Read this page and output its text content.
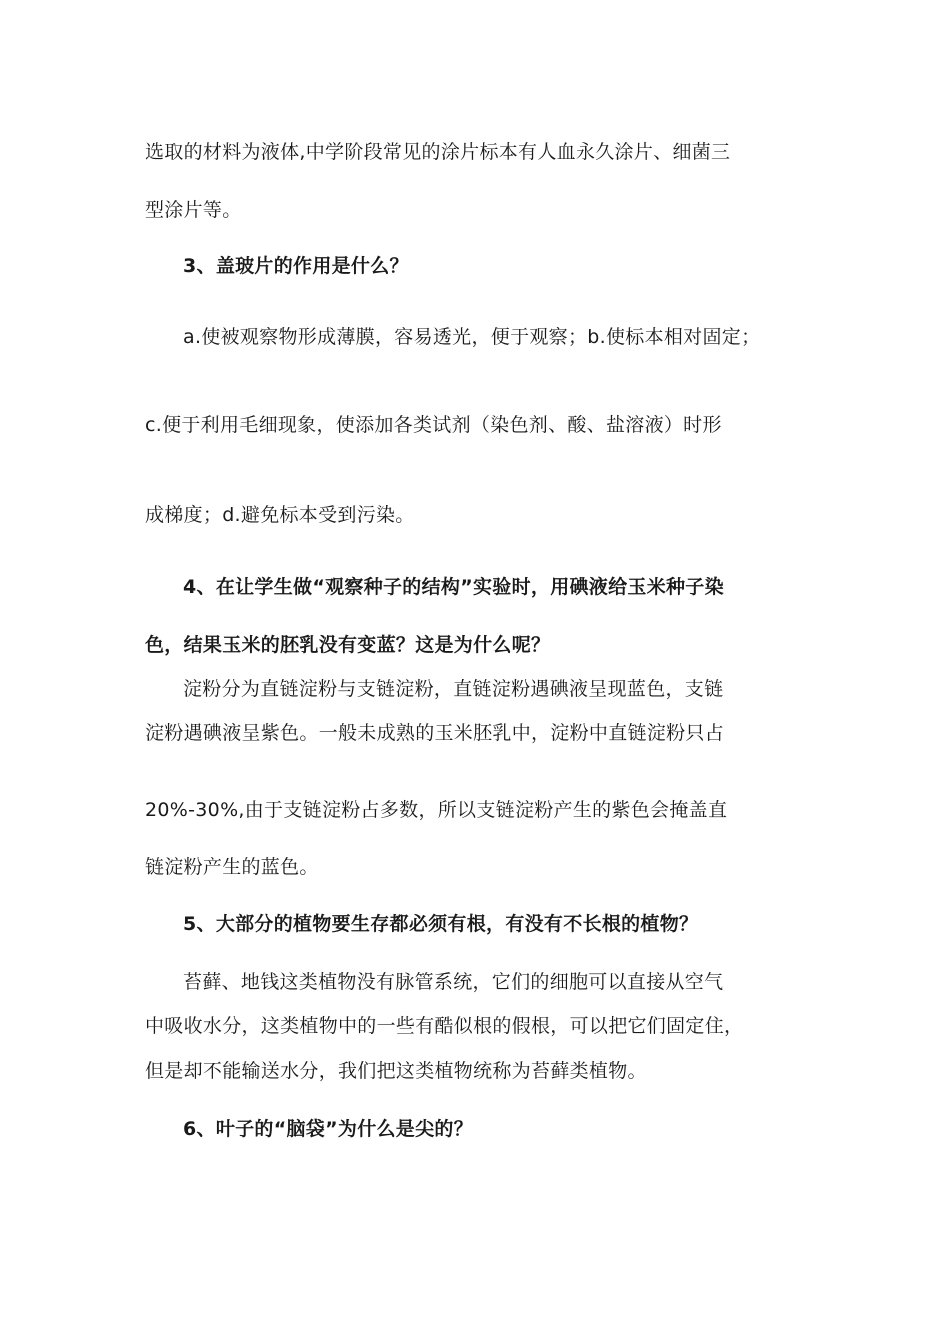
选取的材料为液体,中学阶段常见的涂片标本有人血永久涂片、细菌三
型涂片等。
3、盖玻片的作用是什么？
a.使被观察物形成薄膜，容易透光，便于观察；b.使标本相对固定；
c.便于利用毛细现象，使添加各类试剂（染色剂、酸、盐溶液）时形
成梯度；d.避免标本受到污染。
4、在让学生做“观察种子的结构”实验时，用碘液给玉米种子染
色，结果玉米的胚乳没有变蓝？这是为什么呢？
淀粉分为直链淀粉与支链淀粉，直链淀粉遇碘液呈现蓝色，支链
淀粉遇碘液呈紫色。一般未成熟的玉米胚乳中，淀粉中直链淀粉只占
20%-30%,由于支链淀粉占多数，所以支链淀粉产生的紫色会掩盖直
链淀粉产生的蓝色。
5、大部分的植物要生存都必须有根，有没有不长根的植物？
苔藓、地钱这类植物没有脉管系统，它们的细胞可以直接从空气
中吸收水分，这类植物中的一些有酷似根的假根，可以把它们固定住，
但是却不能输送水分，我们把这类植物统称为苔藓类植物。
6、叶子的“脑袋”为什么是尖的？
